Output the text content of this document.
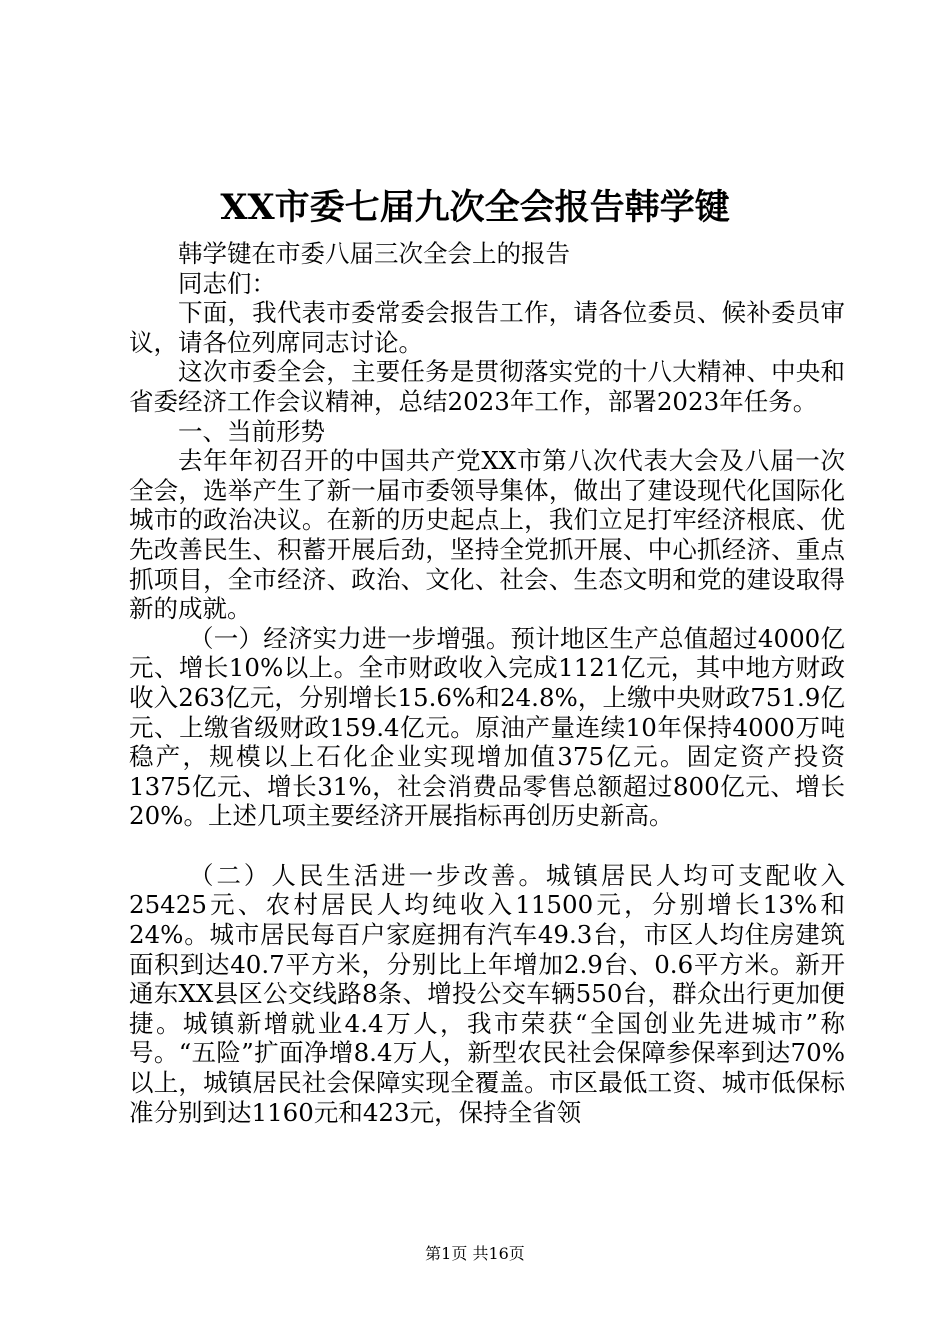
XX市委七届九次全会报告韩学键

韩学键在市委八届三次全会上的报告

同志们：

下面，我代表市委常委会报告工作，请各位委员、候补委员审议，请各位列席同志讨论。

这次市委全会，主要任务是贯彻落实党的十八大精神、中央和省委经济工作会议精神，总结2023年工作，部署2023年任务。

一、当前形势

去年年初召开的中国共产党XX市第八次代表大会及八届一次全会，选举产生了新一届市委领导集体，做出了建设现代化国际化城市的政治决议。在新的历史起点上，我们立足打牢经济根底、优先改善民生、积蓄开展后劲，坚持全党抓开展、中心抓经济、重点抓项目，全市经济、政治、文化、社会、生态文明和党的建设取得新的成就。

（一）经济实力进一步增强。预计地区生产总值超过4000亿元、增长10%以上。全市财政收入完成1121亿元，其中地方财政收入263亿元，分别增长15.6%和24.8%，上缴中央财政751.9亿元、上缴省级财政159.4亿元。原油产量连续10年保持4000万吨稳产，规模以上石化企业实现增加值375亿元。固定资产投资1375亿元、增长31%，社会消费品零售总额超过800亿元、增长20%。上述几项主要经济开展指标再创历史新高。

（二）人民生活进一步改善。城镇居民人均可支配收入25425元、农村居民人均纯收入11500元，分别增长13%和24%。城市居民每百户家庭拥有汽车49.3台，市区人均住房建筑面积到达40.7平方米，分别比上年增加2.9台、0.6平方米。新开通东XX县区公交线路8条、增投公交车辆550台，群众出行更加便捷。城镇新增就业4.4万人，我市荣获“全国创业先进城市”称号。“五险”扩面净增8.4万人，新型农民社会保障参保率到达70%以上，城镇居民社会保障实现全覆盖。市区最低工资、城市低保标准分别到达1160元和423元，保持全省领

第1页 共16页
